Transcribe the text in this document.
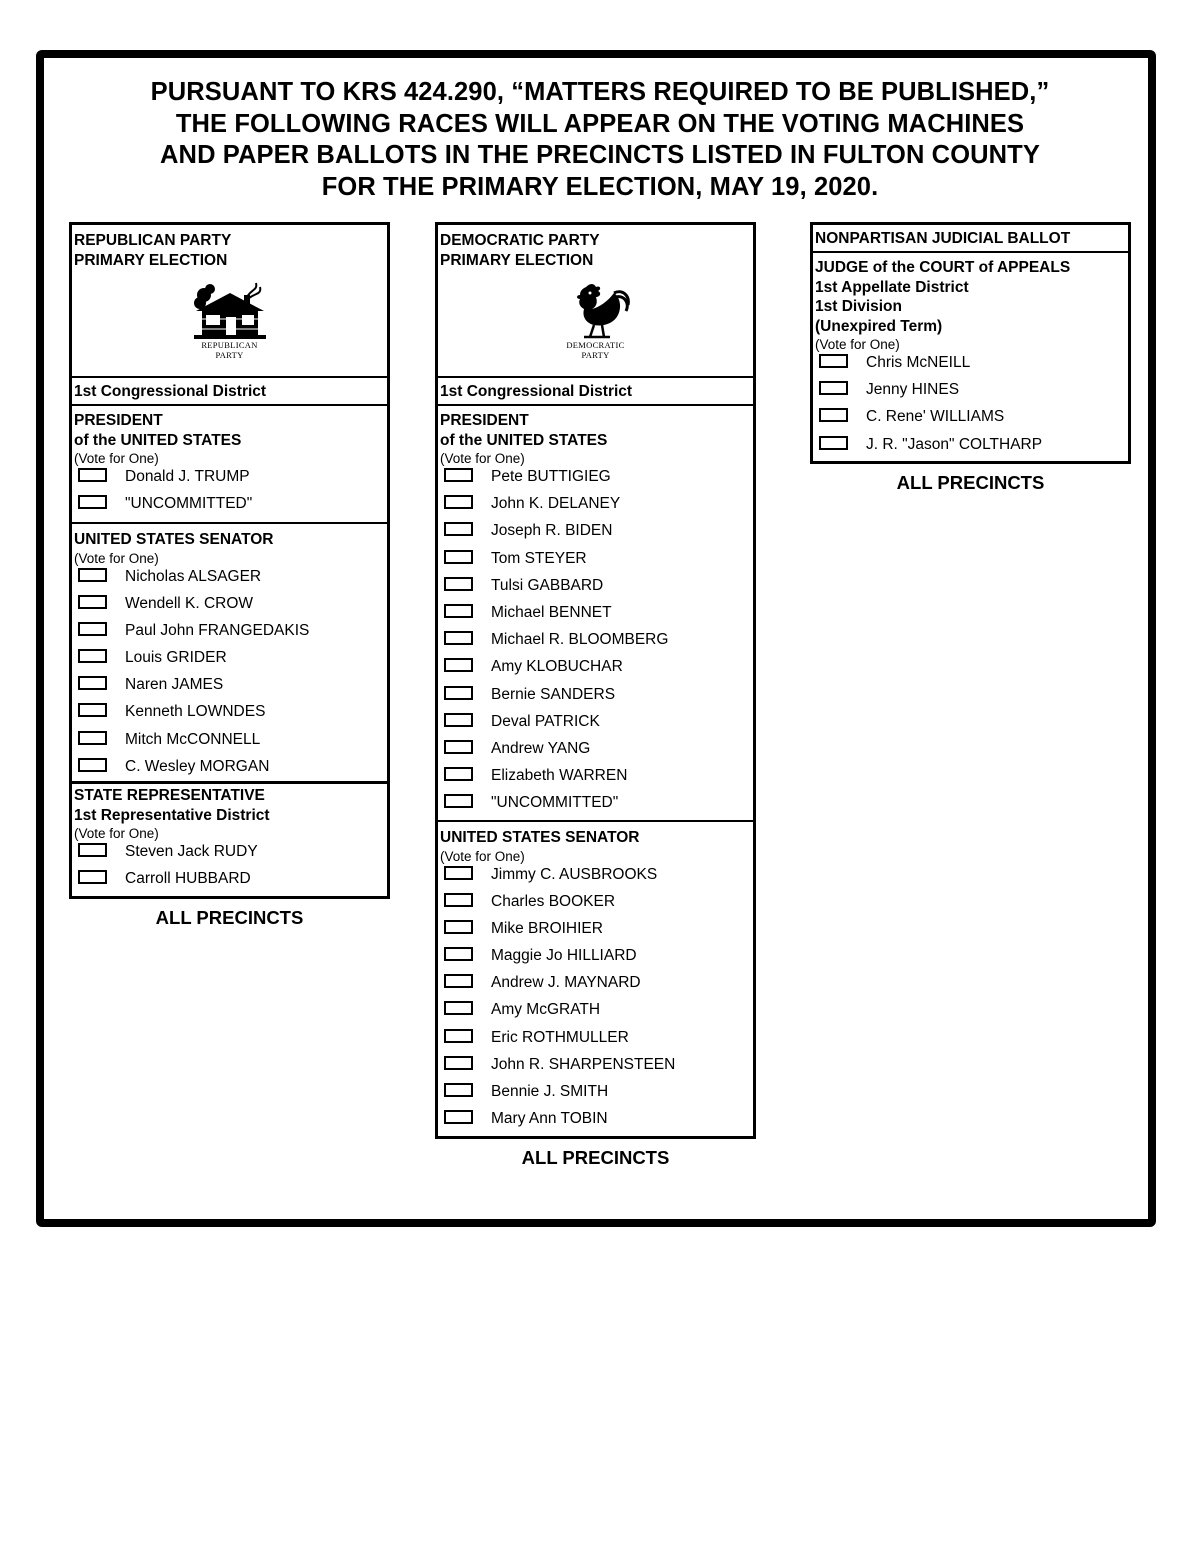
PURSUANT TO KRS 424.290, “MATTERS REQUIRED TO BE PUBLISHED,”
THE FOLLOWING RACES WILL APPEAR ON THE VOTING MACHINES
AND PAPER BALLOTS IN THE PRECINCTS LISTED IN FULTON COUNTY
FOR THE PRIMARY ELECTION, MAY 19, 2020.
REPUBLICAN PARTY
PRIMARY ELECTION
REPUBLICAN
PARTY
1st Congressional District
PRESIDENT
of the UNITED STATES
(Vote for One)
Donald J. TRUMP
"UNCOMMITTED"
UNITED STATES SENATOR
(Vote for One)
Nicholas ALSAGER
Wendell K. CROW
Paul John FRANGEDAKIS
Louis GRIDER
Naren JAMES
Kenneth LOWNDES
Mitch McCONNELL
C. Wesley MORGAN
STATE REPRESENTATIVE
1st Representative District
(Vote for One)
Steven Jack RUDY
Carroll HUBBARD
ALL PRECINCTS
DEMOCRATIC PARTY
PRIMARY ELECTION
DEMOCRATIC
PARTY
1st Congressional District
PRESIDENT
of the UNITED STATES
(Vote for One)
Pete BUTTIGIEG
John K. DELANEY
Joseph R. BIDEN
Tom STEYER
Tulsi GABBARD
Michael BENNET
Michael R. BLOOMBERG
Amy KLOBUCHAR
Bernie SANDERS
Deval PATRICK
Andrew YANG
Elizabeth WARREN
"UNCOMMITTED"
UNITED STATES SENATOR
(Vote for One)
Jimmy C. AUSBROOKS
Charles BOOKER
Mike BROIHIER
Maggie Jo HILLIARD
Andrew J. MAYNARD
Amy McGRATH
Eric ROTHMULLER
John R. SHARPENSTEEN
Bennie J. SMITH
Mary Ann TOBIN
ALL PRECINCTS
NONPARTISAN JUDICIAL BALLOT
JUDGE of the COURT of APPEALS
1st Appellate District
1st Division
(Unexpired Term)
(Vote for One)
Chris McNEILL
Jenny HINES
C. Rene' WILLIAMS
J. R. "Jason" COLTHARP
ALL PRECINCTS
